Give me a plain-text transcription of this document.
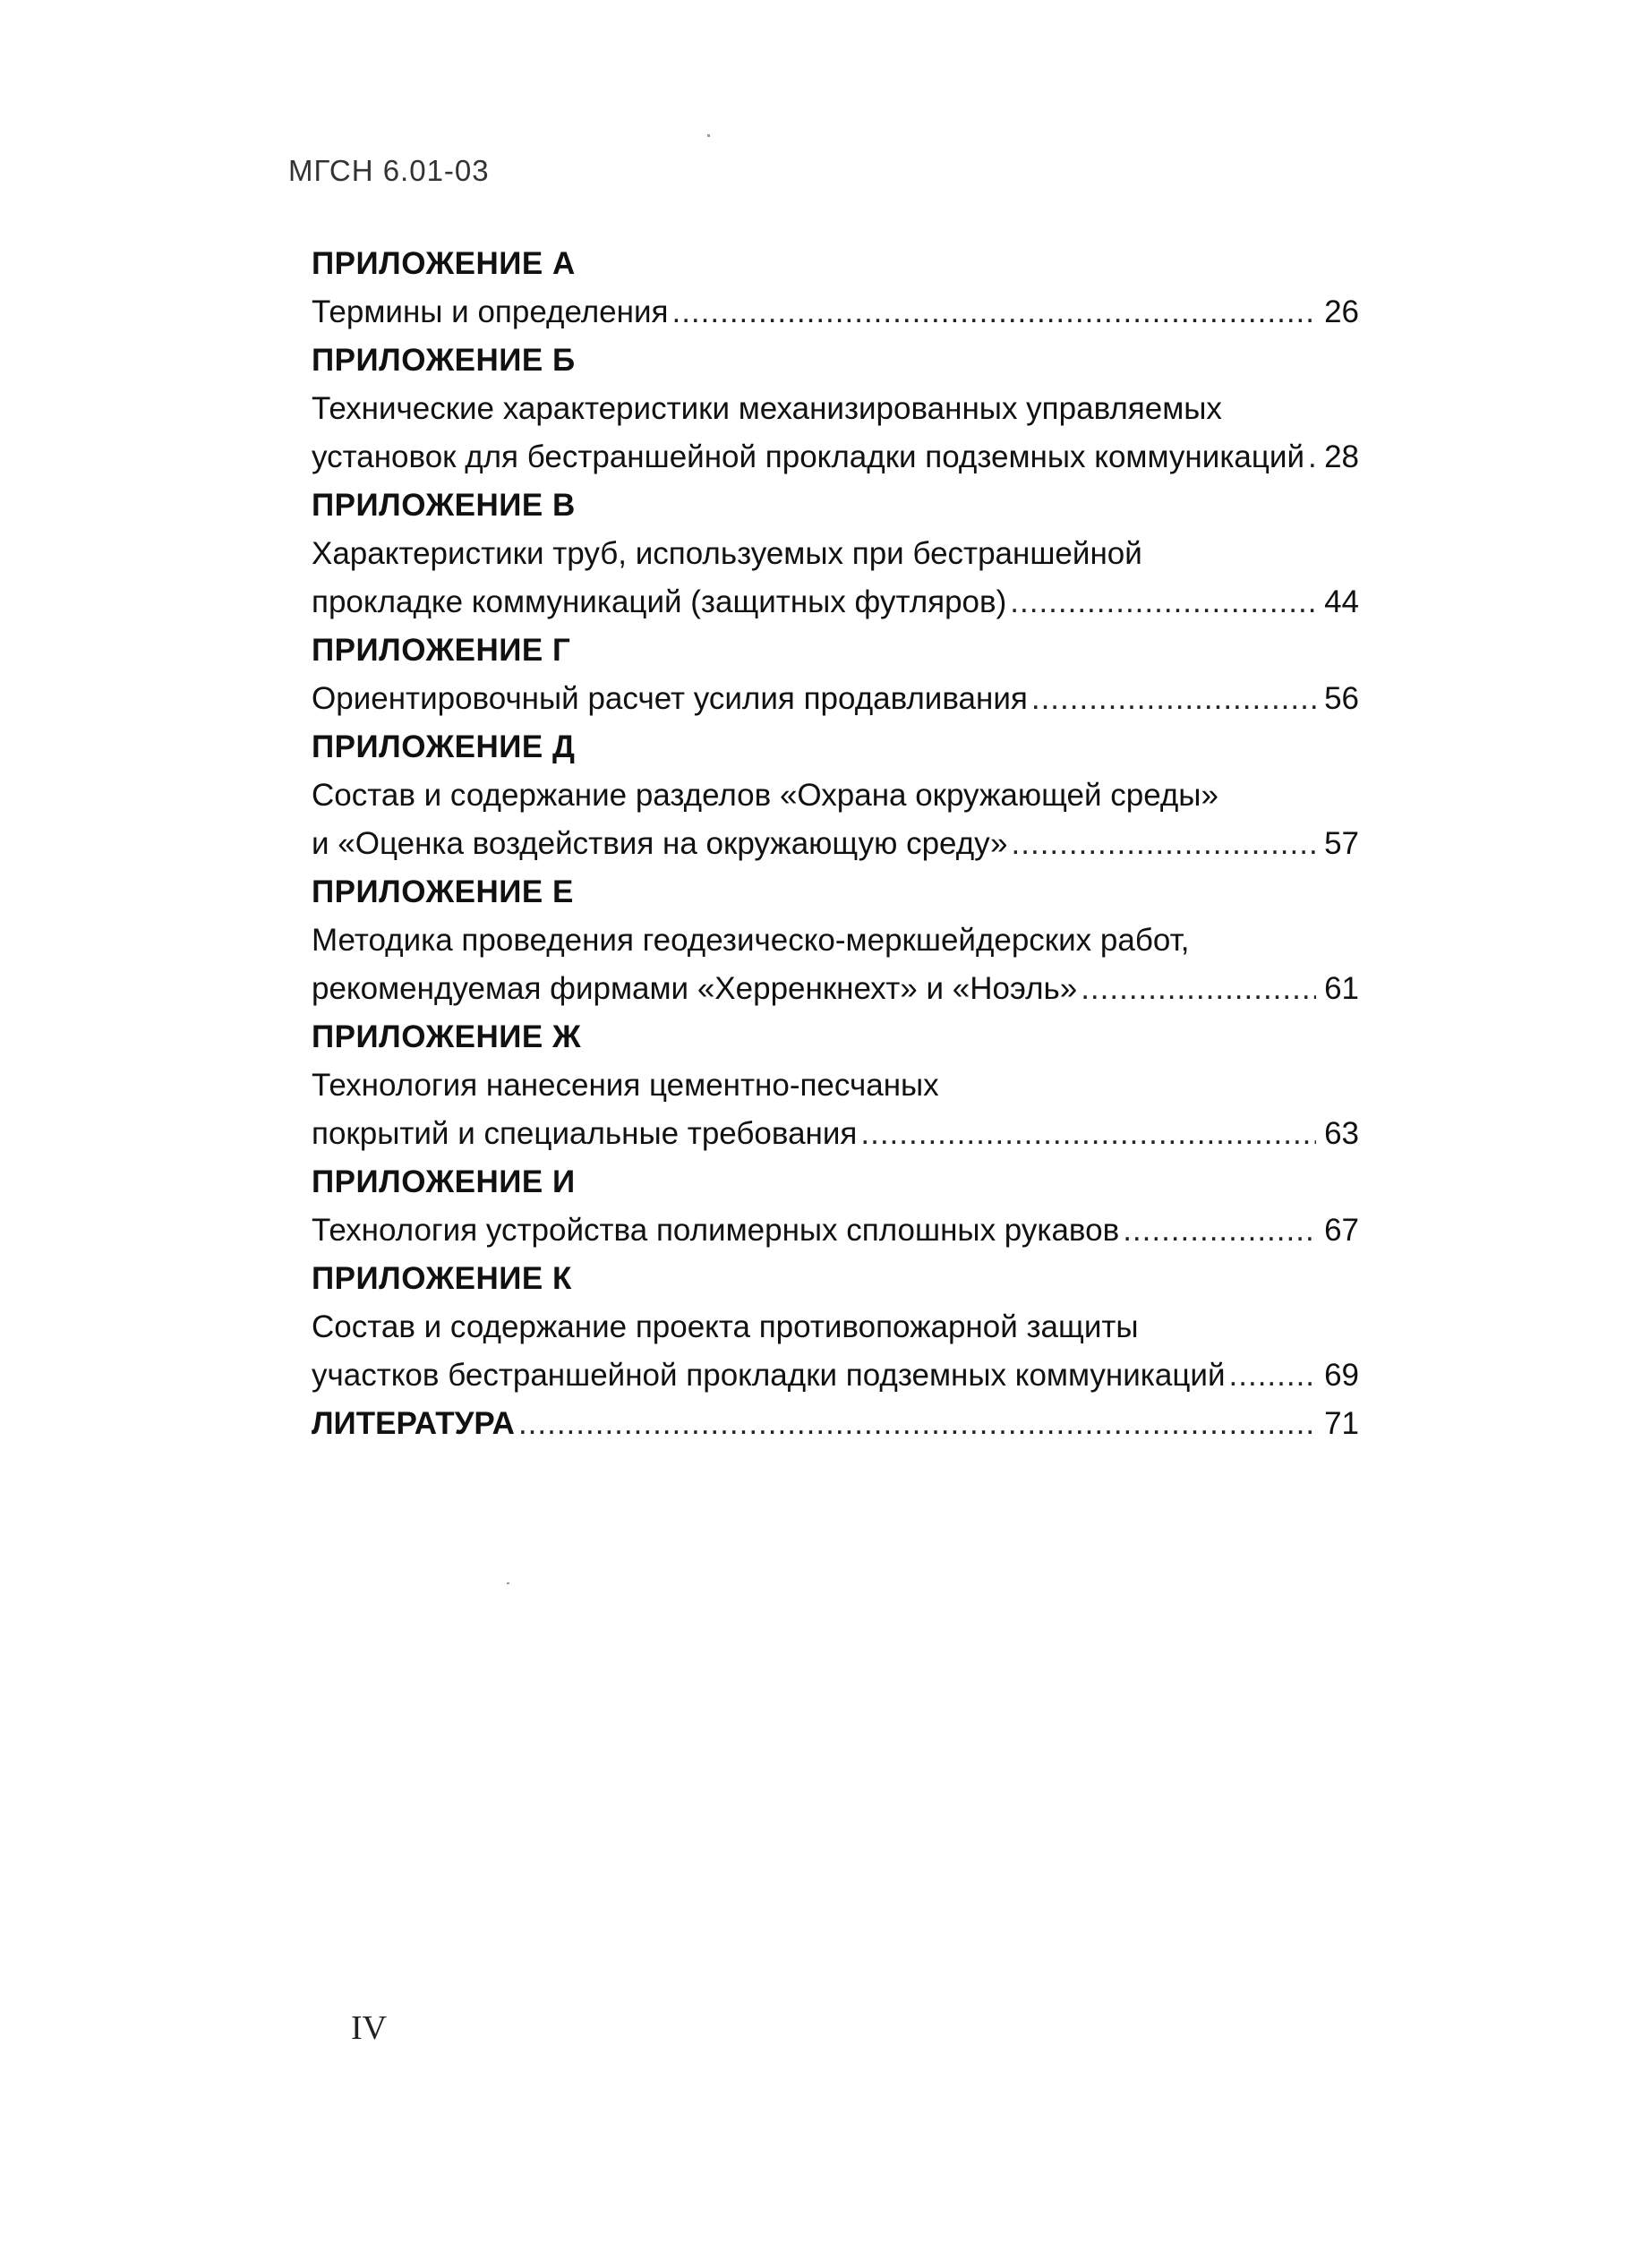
МГСН 6.01-03
ПРИЛОЖЕНИЕ А
Термины и определения .....	26
ПРИЛОЖЕНИЕ Б
Технические характеристики механизированных управляемых
установок для бестраншейной прокладки подземных коммуникаций ..... 28
ПРИЛОЖЕНИЕ В
Характеристики труб, используемых при бестраншейной
прокладке коммуникаций (защитных футляров) .....	44
ПРИЛОЖЕНИЕ Г
Ориентировочный расчет усилия продавливания .....	56
ПРИЛОЖЕНИЕ Д
Состав и содержание разделов «Охрана окружающей среды»
и «Оценка воздействия на окружающую среду» .....	57
ПРИЛОЖЕНИЕ Е
Методика проведения геодезическо-меркшейдерских работ,
рекомендуемая фирмами «Херренкнехт» и «Ноэль» .....	61
ПРИЛОЖЕНИЕ Ж
Технология нанесения цементно-песчаных
покрытий и специальные требования .....	63
ПРИЛОЖЕНИЕ И
Технология устройства полимерных сплошных рукавов .....	67
ПРИЛОЖЕНИЕ К
Состав и содержание проекта противопожарной защиты
участков бестраншейной прокладки подземных коммуникаций .....	69
ЛИТЕРАТУРА .....	71
IV
